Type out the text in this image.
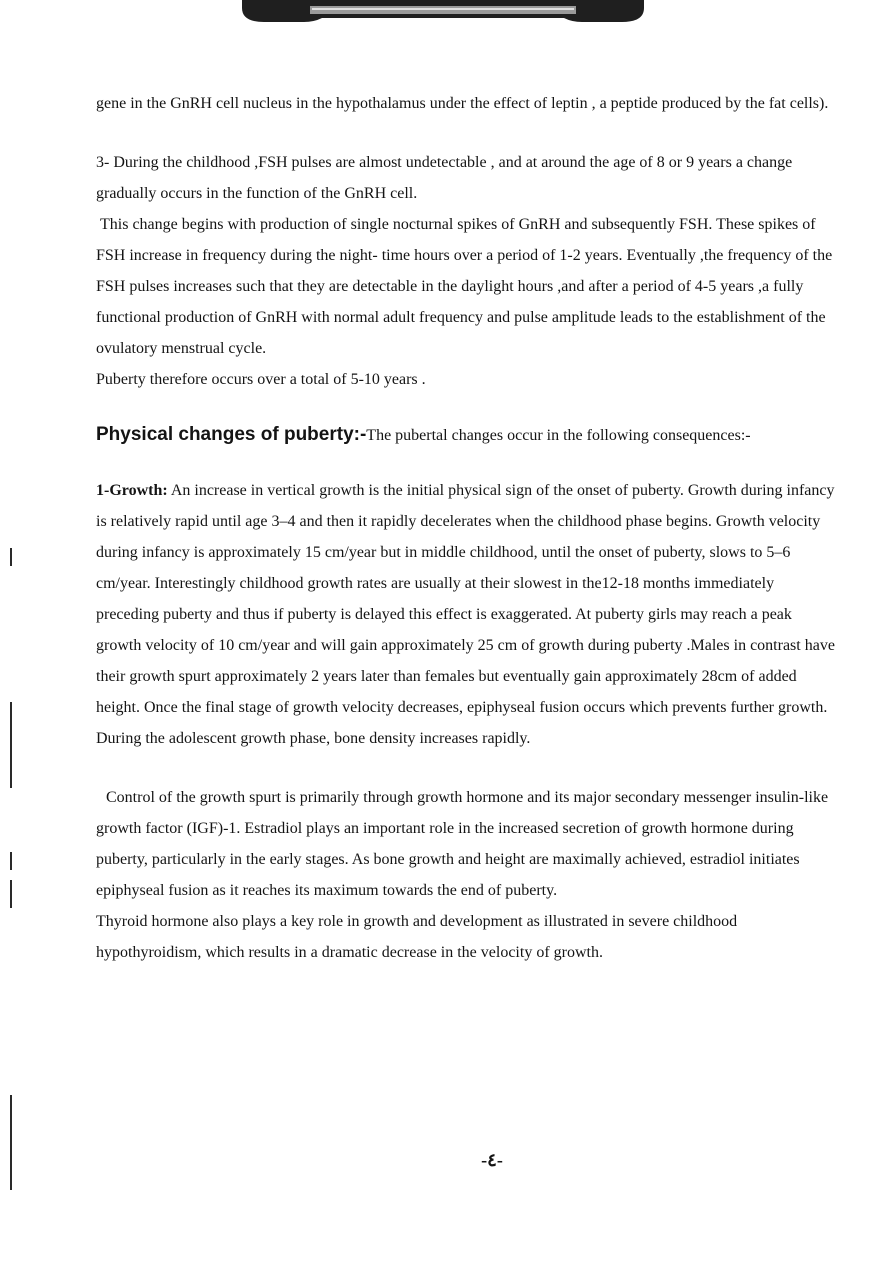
gene in the GnRH cell nucleus in the hypothalamus under the effect of leptin , a peptide produced by the fat cells).

3- During the childhood ,FSH pulses are almost undetectable , and at around the age of 8 or 9 years a change gradually occurs in the function of the GnRH cell.

This change begins with production of single nocturnal spikes of GnRH and subsequently FSH. These spikes of FSH increase in frequency during the night- time hours over a period of 1-2 years. Eventually ,the frequency of the FSH pulses increases such that they are detectable in the daylight hours ,and after a period of 4-5 years ,a fully functional production of GnRH with normal adult frequency and pulse amplitude leads to the establishment of the ovulatory menstrual cycle.

Puberty therefore occurs over a total of 5-10 years .

Physical changes of puberty:-The pubertal changes occur in the following consequences:-

1-Growth: An increase in vertical growth is the initial physical sign of the onset of puberty. Growth during infancy is relatively rapid until age 3–4 and then it rapidly decelerates when the childhood phase begins. Growth velocity during infancy is approximately 15 cm/year but in middle childhood, until the onset of puberty, slows to 5–6 cm/year. Interestingly childhood growth rates are usually at their slowest in the12-18 months immediately preceding puberty and thus if puberty is delayed this effect is exaggerated. At puberty girls may reach a peak growth velocity of 10 cm/year and will gain approximately 25 cm of growth during puberty .Males in contrast have their growth spurt approximately 2 years later than females but eventually gain approximately 28cm of added height. Once the final stage of growth velocity decreases, epiphyseal fusion occurs which prevents further growth. During the adolescent growth phase, bone density increases rapidly.

Control of the growth spurt is primarily through growth hormone and its major secondary messenger insulin-like growth factor (IGF)-1. Estradiol plays an important role in the increased secretion of growth hormone during puberty, particularly in the early stages. As bone growth and height are maximally achieved, estradiol initiates epiphyseal fusion as it reaches its maximum towards the end of puberty.

Thyroid hormone also plays a key role in growth and development as illustrated in severe childhood hypothyroidism, which results in a dramatic decrease in the velocity of growth.

-٤-
